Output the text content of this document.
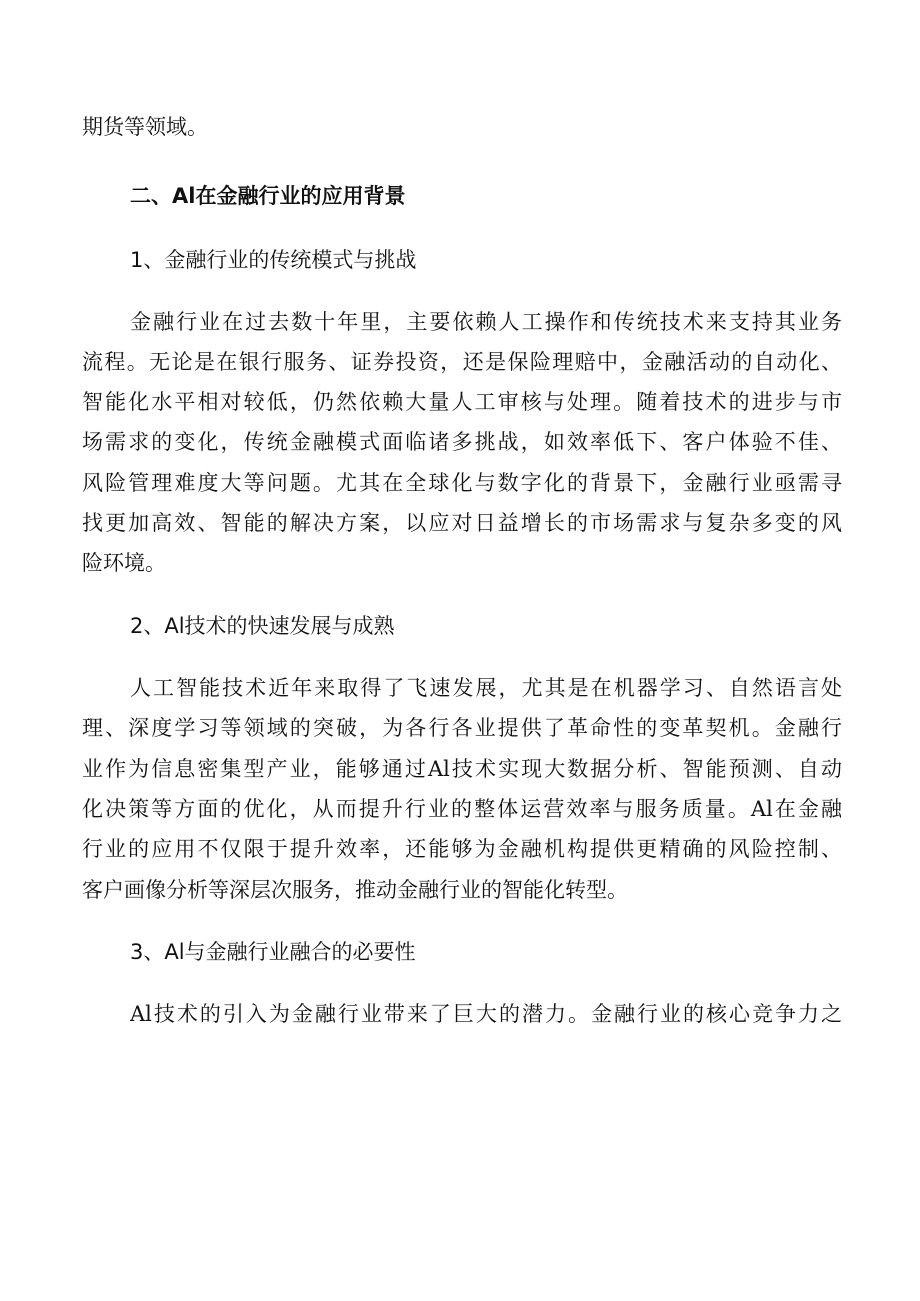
期货等领域。
二、Al在金融行业的应用背景
1、金融行业的传统模式与挑战
金融行业在过去数十年里，主要依赖人工操作和传统技术来支持其业务
流程。无论是在银行服务、证券投资，还是保险理赔中，金融活动的自动化、
智能化水平相对较低，仍然依赖大量人工审核与处理。随着技术的进步与市
场需求的变化，传统金融模式面临诸多挑战，如效率低下、客户体验不佳、
风险管理难度大等问题。尤其在全球化与数字化的背景下，金融行业亟需寻
找更加高效、智能的解决方案，以应对日益增长的市场需求与复杂多变的风
险环境。
2、Al技术的快速发展与成熟
人工智能技术近年来取得了飞速发展，尤其是在机器学习、自然语言处
理、深度学习等领域的突破，为各行各业提供了革命性的变革契机。金融行
业作为信息密集型产业，能够通过Al技术实现大数据分析、智能预测、自动
化决策等方面的优化，从而提升行业的整体运营效率与服务质量。Al在金融
行业的应用不仅限于提升效率，还能够为金融机构提供更精确的风险控制、
客户画像分析等深层次服务，推动金融行业的智能化转型。
3、Al与金融行业融合的必要性
Al技术的引入为金融行业带来了巨大的潜力。金融行业的核心竞争力之
